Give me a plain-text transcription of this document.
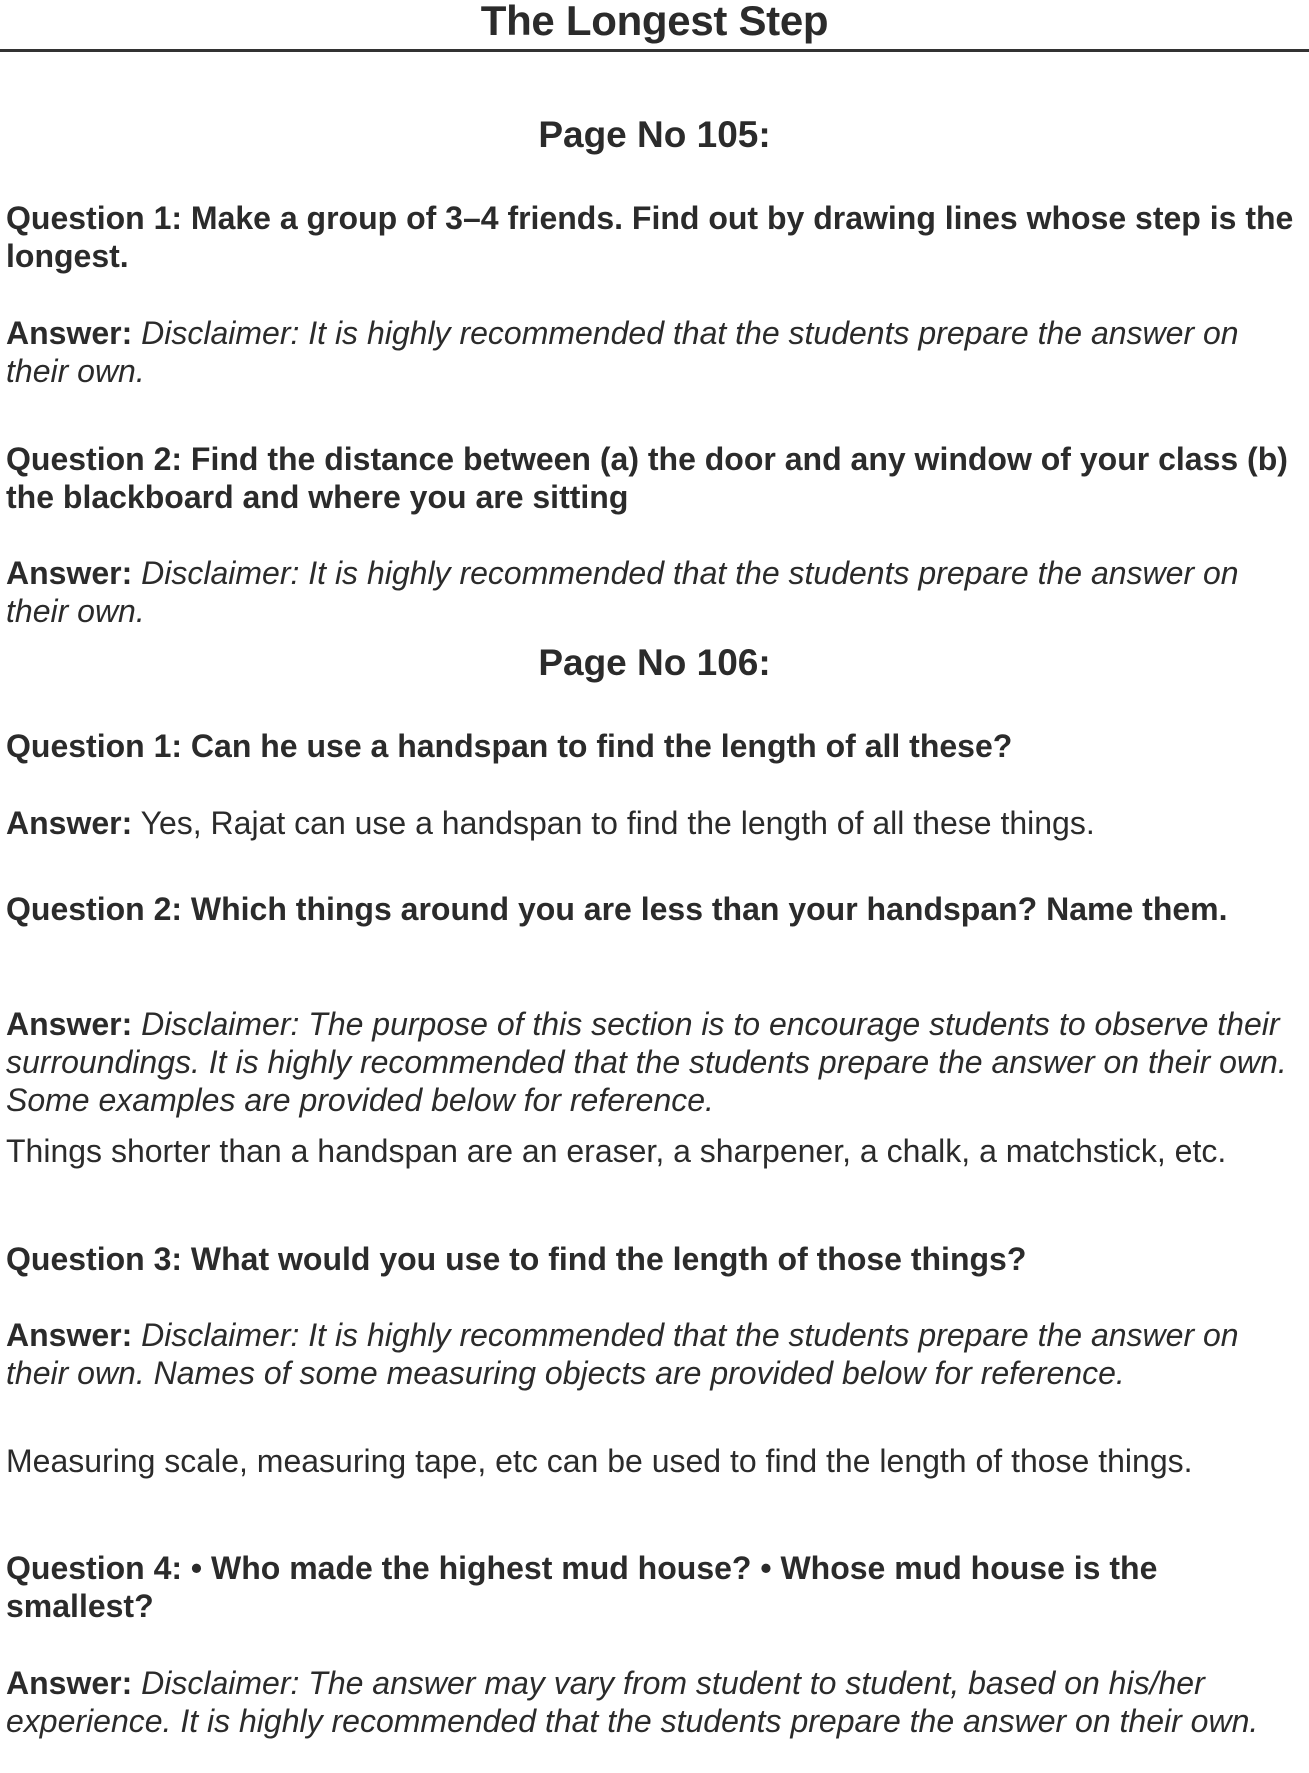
The Longest Step
Page No 105:
Question 1: Make a group of 3–4 friends. Find out by drawing lines whose step is the longest.
Answer: Disclaimer: It is highly recommended that the students prepare the answer on their own.
Question 2: Find the distance between (a) the door and any window of your class (b) the blackboard and where you are sitting
Answer: Disclaimer: It is highly recommended that the students prepare the answer on their own.
Page No 106:
Question 1: Can he use a handspan to find the length of all these?
Answer: Yes, Rajat can use a handspan to find the length of all these things.
Question 2: Which things around you are less than your handspan? Name them.
Answer: Disclaimer: The purpose of this section is to encourage students to observe their surroundings. It is highly recommended that the students prepare the answer on their own. Some examples are provided below for reference.
Things shorter than a handspan are an eraser, a sharpener, a chalk, a matchstick, etc.
Question 3: What would you use to find the length of those things?
Answer: Disclaimer: It is highly recommended that the students prepare the answer on their own. Names of some measuring objects are provided below for reference.
Measuring scale, measuring tape, etc can be used to find the length of those things.
Question 4: • Who made the highest mud house? • Whose mud house is the smallest?
Answer: Disclaimer: The answer may vary from student to student, based on his/her experience. It is highly recommended that the students prepare the answer on their own.
